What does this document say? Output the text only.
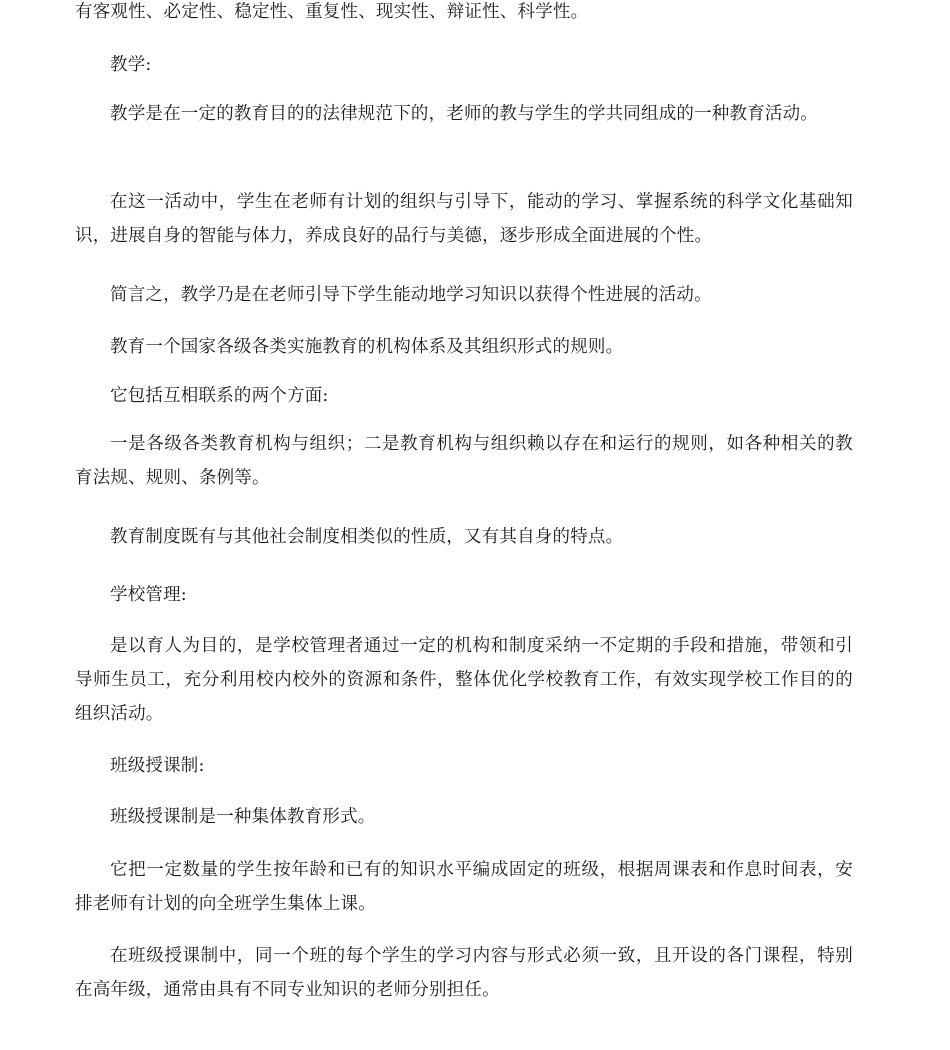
有客观性、必定性、稳定性、重复性、现实性、辩证性、科学性。
教学:
教学是在一定的教育目的的法律规范下的，老师的教与学生的学共同组成的一种教育活动。
在这一活动中，学生在老师有计划的组织与引导下，能动的学习、掌握系统的科学文化基础知识，进展自身的智能与体力，养成良好的品行与美德，逐步形成全面进展的个性。
简言之，教学乃是在老师引导下学生能动地学习知识以获得个性进展的活动。
教育一个国家各级各类实施教育的机构体系及其组织形式的规则。
它包括互相联系的两个方面:
一是各级各类教育机构与组织；二是教育机构与组织赖以存在和运行的规则，如各种相关的教育法规、规则、条例等。
教育制度既有与其他社会制度相类似的性质，又有其自身的特点。
学校管理:
是以育人为目的，是学校管理者通过一定的机构和制度采纳一不定期的手段和措施，带领和引导师生员工，充分利用校内校外的资源和条件，整体优化学校教育工作，有效实现学校工作目的的组织活动。
班级授课制:
班级授课制是一种集体教育形式。
它把一定数量的学生按年龄和已有的知识水平编成固定的班级，根据周课表和作息时间表，安排老师有计划的向全班学生集体上课。
在班级授课制中，同一个班的每个学生的学习内容与形式必须一致，且开设的各门课程，特别在高年级，通常由具有不同专业知识的老师分别担任。
